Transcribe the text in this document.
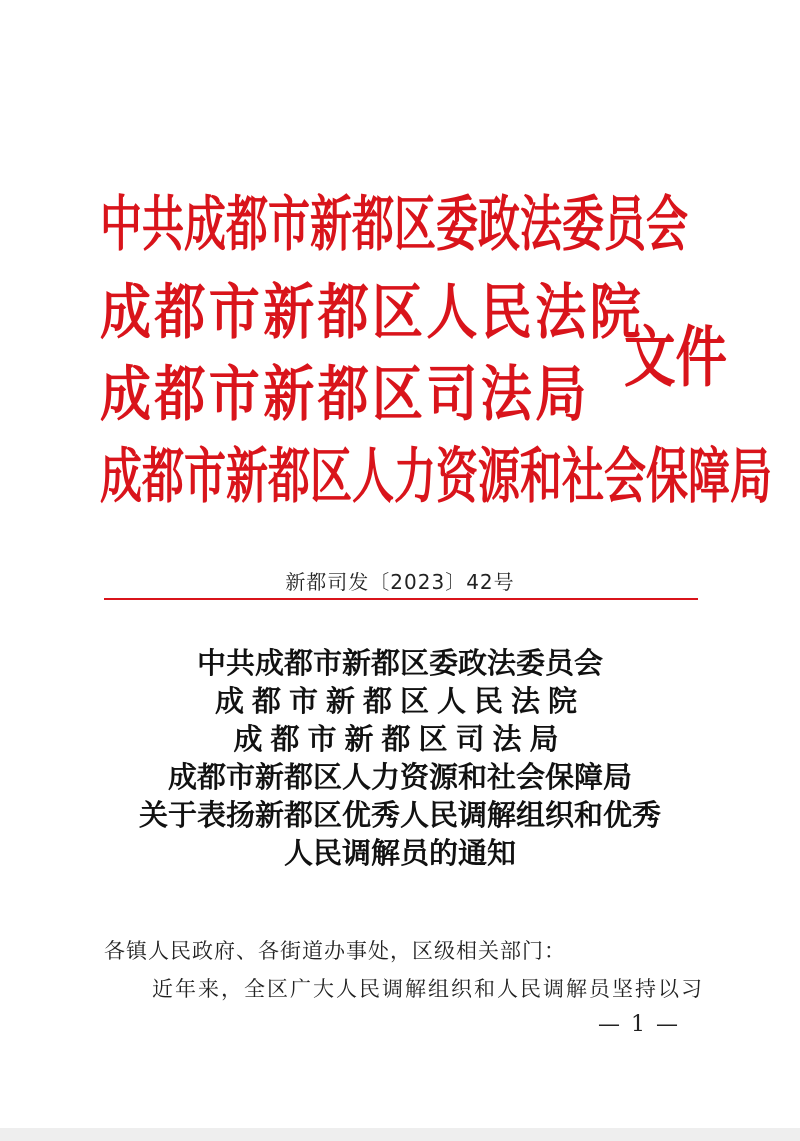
中共成都市新都区委政法委员会
成都市新都区人民法院
成都市新都区司法局
成都市新都区人力资源和社会保障局
文件
新都司发〔2023〕42号
中共成都市新都区委政法委员会
成都市新都区人民法院
成都市新都区司法局
成都市新都区人力资源和社会保障局
关于表扬新都区优秀人民调解组织和优秀
人民调解员的通知
各镇人民政府、各街道办事处，区级相关部门：
近年来，全区广大人民调解组织和人民调解员坚持以习
— 1 —
